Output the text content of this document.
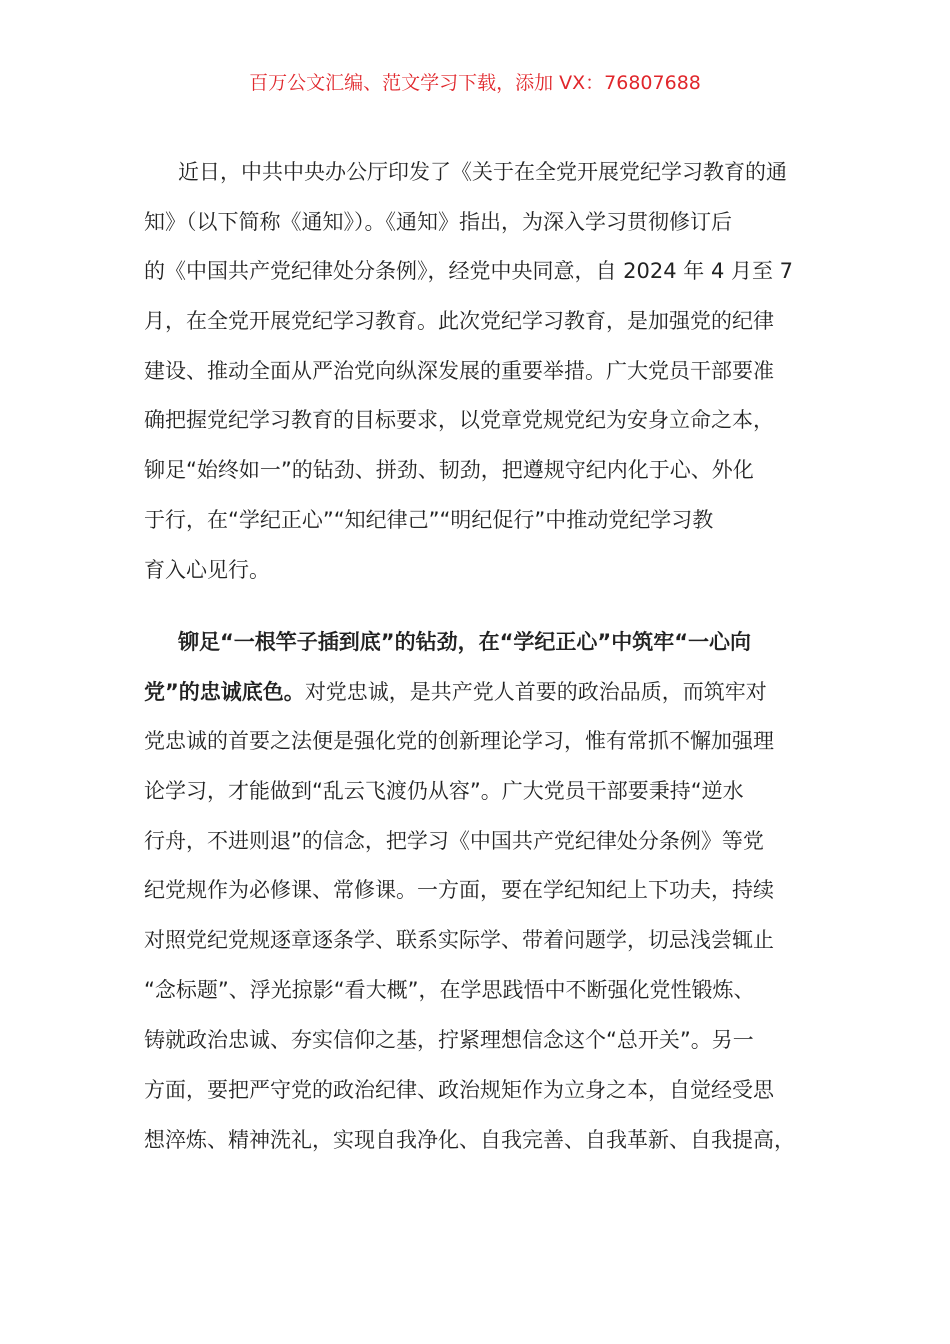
百万公文汇编、范文学习下载，添加 VX：76807688
近日，中共中央办公厅印发了《关于在全党开展党纪学习教育的通
知》（以下简称《通知》）。《通知》指出，为深入学习贯彻修订后
的《中国共产党纪律处分条例》，经党中央同意，自 2024 年 4 月至 7
月，在全党开展党纪学习教育。此次党纪学习教育，是加强党的纪律
建设、推动全面从严治党向纵深发展的重要举措。广大党员干部要准
确把握党纪学习教育的目标要求，以党章党规党纪为安身立命之本，
铆足“始终如一”的钻劲、拼劲、韧劲，把遵规守纪内化于心、外化
于行，在“学纪正心”“知纪律己”“明纪促行”中推动党纪学习教
育入心见行。
铆足“一根竿子插到底”的钻劲，在“学纪正心”中筑牢“一心向
党”的忠诚底色。对党忠诚，是共产党人首要的政治品质，而筑牢对
党忠诚的首要之法便是强化党的创新理论学习，惟有常抓不懈加强理
论学习，才能做到“乱云飞渡仍从容”。广大党员干部要秉持“逆水
行舟，不进则退”的信念，把学习《中国共产党纪律处分条例》等党
纪党规作为必修课、常修课。一方面，要在学纪知纪上下功夫，持续
对照党纪党规逐章逐条学、联系实际学、带着问题学，切忌浅尝辄止
“念标题”、浮光掠影“看大概”，在学思践悟中不断强化党性锻炼、
铸就政治忠诚、夯实信仰之基，拧紧理想信念这个“总开关”。另一
方面，要把严守党的政治纪律、政治规矩作为立身之本，自觉经受思
想淬炼、精神洗礼，实现自我净化、自我完善、自我革新、自我提高，
